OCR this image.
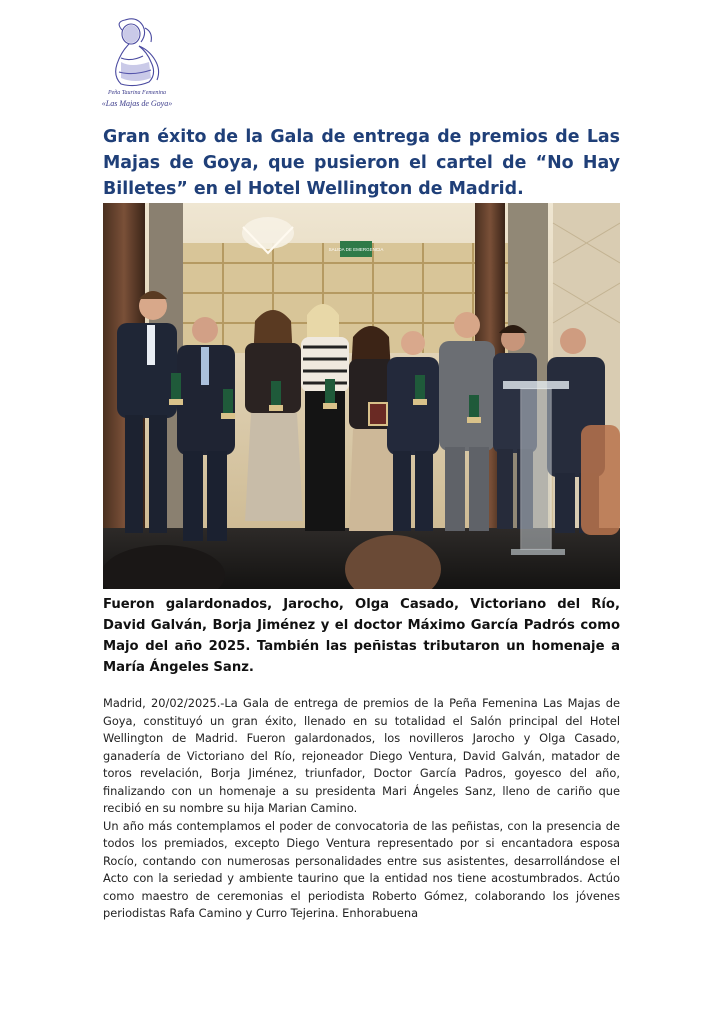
Peña Taurina Femenina
«Las Majas de Goya»
Gran éxito de la Gala de entrega de premios de Las Majas de Goya, que pusieron el cartel de “No Hay Billetes” en el Hotel Wellington de Madrid.
SALIDA DE EMERGENCIA

Fueron galardonados, Jarocho, Olga Casado, Victoriano del Río, David Galván, Borja Jiménez y el doctor Máximo García Padrós como Majo del año 2025. También las peñistas tributaron un homenaje a María Ángeles Sanz.

Madrid, 20/02/2025.-La Gala de entrega de premios de la Peña Femenina Las Majas de Goya, constituyó un gran éxito, llenado en su totalidad el Salón principal del Hotel Wellington de Madrid. Fueron galardonados, los novilleros Jarocho y Olga Casado, ganadería de Victoriano del Río, rejoneador Diego Ventura, David Galván, matador de toros revelación, Borja Jiménez, triunfador, Doctor García Padros, goyesco del año, finalizando con un homenaje a su presidenta Mari Ángeles Sanz, lleno de cariño que recibió en su nombre su hija Marian Camino.

Un año más contemplamos el poder de convocatoria de las peñistas, con la presencia de todos los premiados, excepto Diego Ventura representado por si encantadora esposa Rocío, contando con numerosas personalidades entre sus asistentes, desarrollándose el Acto con la seriedad y ambiente taurino que la entidad nos tiene acostumbrados. Actúo como maestro de ceremonias el periodista Roberto Gómez, colaborando los jóvenes periodistas Rafa Camino y Curro Tejerina. Enhorabuena
